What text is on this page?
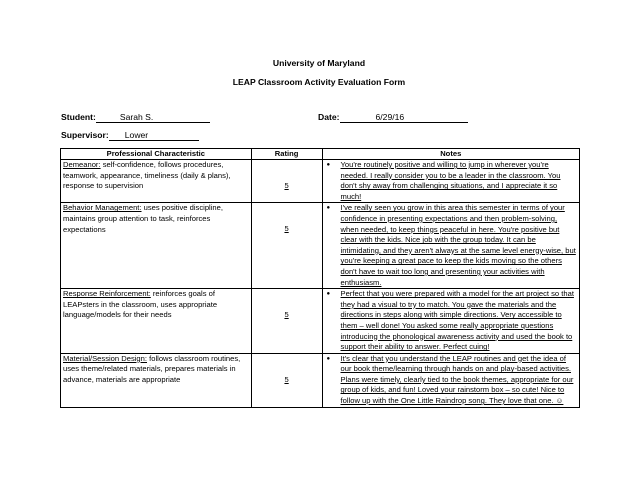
University of Maryland
LEAP Classroom Activity Evaluation Form
Student:	Sarah S.	Date:	6/29/16
Supervisor: Lower
Professional Characteristic	Rating	Notes
Demeanor: self-confidence, follows procedures, teamwork, appearance, timeliness (daily & plans), response to supervision	5	● You're routinely positive and willing to jump in wherever you're needed. I really consider you to be a leader in the classroom. You don't shy away from challenging situations, and I appreciate it so much!

Behavior Management: uses positive discipline, maintains group attention to task, reinforces expectations	5	● I've really seen you grow in this area this semester in terms of your confidence in presenting expectations and then problem-solving, when needed, to keep things peaceful in here. You're positive but clear with the kids. Nice job with the group today. It can be intimidating, and they aren't always at the same level energy-wise, but you're keeping a great pace to keep the kids moving so the others don't have to wait too long and presenting your activities with enthusiasm.

Response Reinforcement: reinforces goals of LEAPsters in the classroom, uses appropriate language/models for their needs	5	● Perfect that you were prepared with a model for the art project so that they had a visual to try to match. You gave the materials and the directions in steps along with simple directions. Very accessible to them – well done! You asked some really appropriate questions introducing the phonological awareness activity and used the book to support their ability to answer. Perfect cuing!

Material/Session Design: follows classroom routines, uses theme/related materials, prepares materials in advance, materials are appropriate	5	● It's clear that you understand the LEAP routines and get the idea of our book theme/learning through hands on and play-based activities. Plans were timely, clearly tied to the book themes, appropriate for our group of kids, and fun! Loved your rainstorm box – so cute! Nice to follow up with the One Little Raindrop song. They love that one. ☺
